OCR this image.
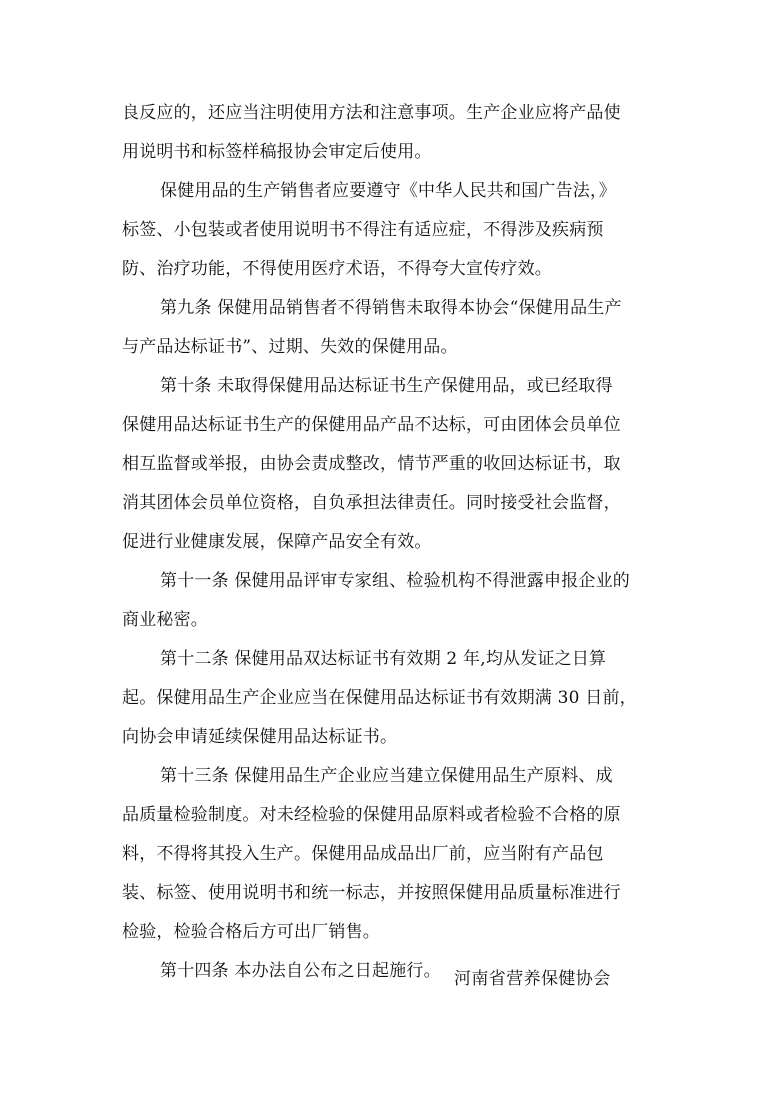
良反应的，还应当注明使用方法和注意事项。生产企业应将产品使
用说明书和标签样稿报协会审定后使用。
保健用品的生产销售者应要遵守《中华人民共和国广告法，》
标签、小包装或者使用说明书不得注有适应症，不得涉及疾病预
防、治疗功能，不得使用医疗术语，不得夸大宣传疗效。
第九条 保健用品销售者不得销售未取得本协会“保健用品生产
与产品达标证书”、过期、失效的保健用品。
第十条 未取得保健用品达标证书生产保健用品，或已经取得
保健用品达标证书生产的保健用品产品不达标，可由团体会员单位
相互监督或举报，由协会责成整改，情节严重的收回达标证书，取
消其团体会员单位资格，自负承担法律责任。同时接受社会监督，
促进行业健康发展，保障产品安全有效。
第十一条 保健用品评审专家组、检验机构不得泄露申报企业的
商业秘密。
第十二条 保健用品双达标证书有效期 2 年,均从发证之日算
起。保健用品生产企业应当在保健用品达标证书有效期满 30 日前，
向协会申请延续保健用品达标证书。
第十三条 保健用品生产企业应当建立保健用品生产原料、成
品质量检验制度。对未经检验的保健用品原料或者检验不合格的原
料，不得将其投入生产。保健用品成品出厂前，应当附有产品包
装、标签、使用说明书和统一标志，并按照保健用品质量标准进行
检验，检验合格后方可出厂销售。
第十四条 本办法自公布之日起施行。 河南省营养保健协会
